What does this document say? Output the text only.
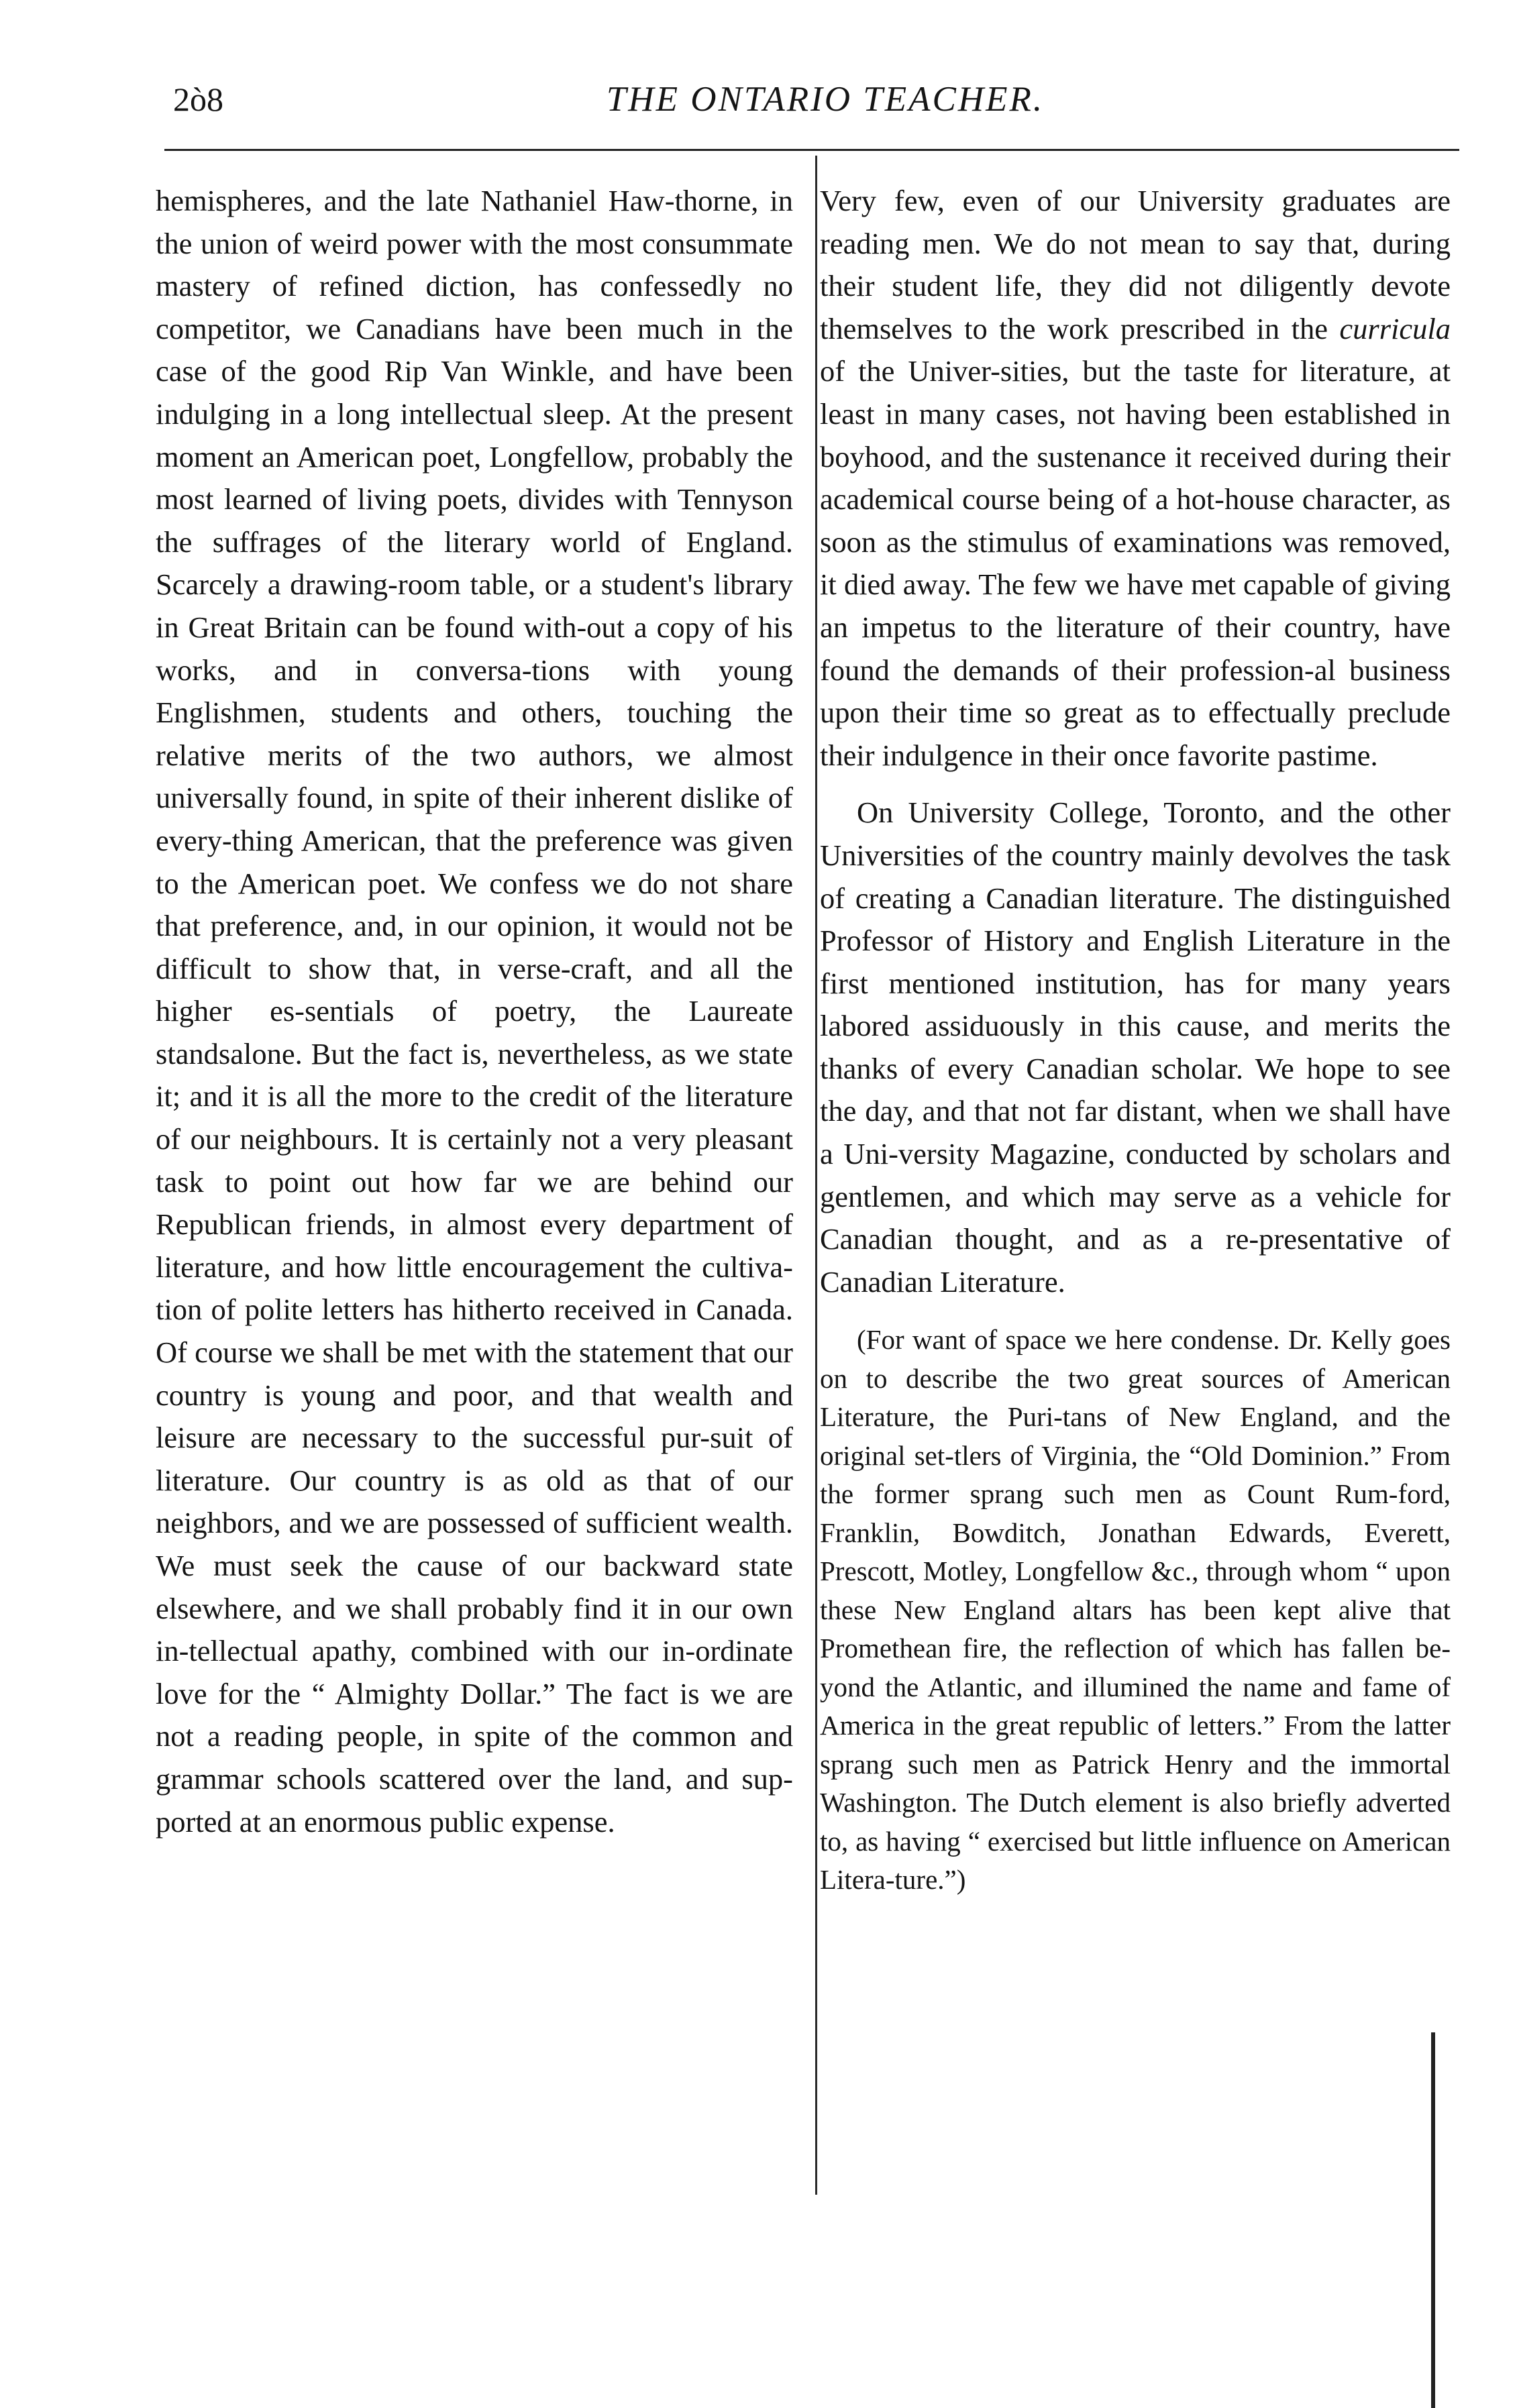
2ò8	THE ONTARIO TEACHER.

hemispheres, and the late Nathaniel Haw-thorne, in the union of weird power with the most consummate mastery of refined diction, has confessedly no competitor, we Canadians have been much in the case of the good Rip Van Winkle, and have been indulging in a long intellectual sleep. At the present moment an American poet, Longfellow, probably the most learned of living poets, divides with Tennyson the suffrages of the literary world of England. Scarcely a drawing-room table, or a student's library in Great Britain can be found with-out a copy of his works, and in conversa-tions with young Englishmen, students and others, touching the relative merits of the two authors, we almost universally found, in spite of their inherent dislike of every-thing American, that the preference was given to the American poet. We confess we do not share that preference, and, in our opinion, it would not be difficult to show that, in verse-craft, and all the higher es-sentials of poetry, the Laureate standsalone. But the fact is, nevertheless, as we state it; and it is all the more to the credit of the literature of our neighbours. It is certainly not a very pleasant task to point out how far we are behind our Republican friends, in almost every department of literature, and how little encouragement the cultiva-tion of polite letters has hitherto received in Canada. Of course we shall be met with the statement that our country is young and poor, and that wealth and leisure are necessary to the successful pur-suit of literature. Our country is as old as that of our neighbors, and we are possessed of sufficient wealth. We must seek the cause of our backward state elsewhere, and we shall probably find it in our own in-tellectual apathy, combined with our in-ordinate love for the “ Almighty Dollar.” The fact is we are not a reading people, in spite of the common and grammar schools scattered over the land, and sup-ported at an enormous public expense.

Very few, even of our University graduates are reading men. We do not mean to say that, during their student life, they did not diligently devote themselves to the work prescribed in the curricula of the Univer-sities, but the taste for literature, at least in many cases, not having been established in boyhood, and the sustenance it received during their academical course being of a hot-house character, as soon as the stimulus of examinations was removed, it died away. The few we have met capable of giving an impetus to the literature of their country, have found the demands of their profession-al business upon their time so great as to effectually preclude their indulgence in their once favorite pastime.

On University College, Toronto, and the other Universities of the country mainly devolves the task of creating a Canadian literature. The distinguished Professor of History and English Literature in the first mentioned institution, has for many years labored assiduously in this cause, and merits the thanks of every Canadian scholar. We hope to see the day, and that not far distant, when we shall have a Uni-versity Magazine, conducted by scholars and gentlemen, and which may serve as a vehicle for Canadian thought, and as a re-presentative of Canadian Literature.

(For want of space we here condense. Dr. Kelly goes on to describe the two great sources of American Literature, the Puri-tans of New England, and the original set-tlers of Virginia, the “Old Dominion.” From the former sprang such men as Count Rum-ford, Franklin, Bowditch, Jonathan Edwards, Everett, Prescott, Motley, Longfellow &c., through whom “ upon these New England altars has been kept alive that Promethean fire, the reflection of which has fallen be-yond the Atlantic, and illumined the name and fame of America in the great republic of letters.” From the latter sprang such men as Patrick Henry and the immortal Washington. The Dutch element is also briefly adverted to, as having “ exercised but little influence on American Litera-ture.”)
